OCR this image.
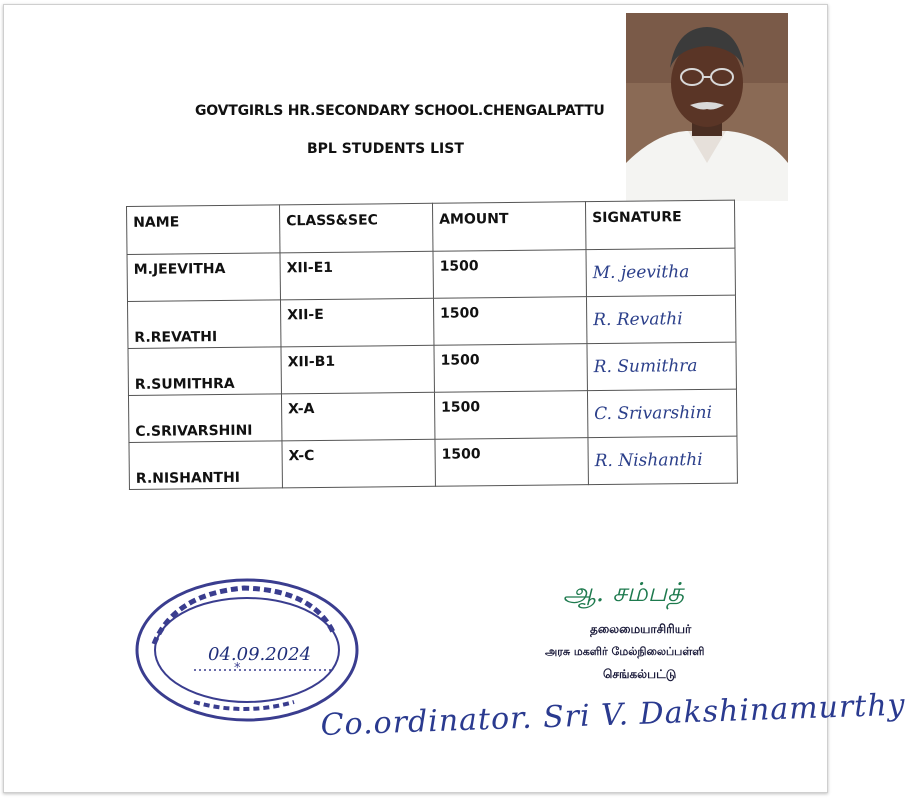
GOVTGIRLS HR.SECONDARY SCHOOL.CHENGALPATTU
BPL STUDENTS LIST
NAME	CLASS&SEC	AMOUNT	SIGNATURE
M.JEEVITHA	XII-E1	1500	M. jeevitha

R.REVATHI	XII-E	1500	R. Revathi

R.SUMITHRA	XII-B1	1500	R. Sumithra

C.SRIVARSHINI	X-A	1500	C. Srivarshini

R.NISHANTHI	X-C	1500	R. Nishanthi
*
04.09.2024
ஆ. சம்பத்
தலைமையாசிரியர்
அரசு மகளிர் மேல்நிலைப்பள்ளி
செங்கல்பட்டு
Co.ordinator. Sri V. Dakshinamurthy
